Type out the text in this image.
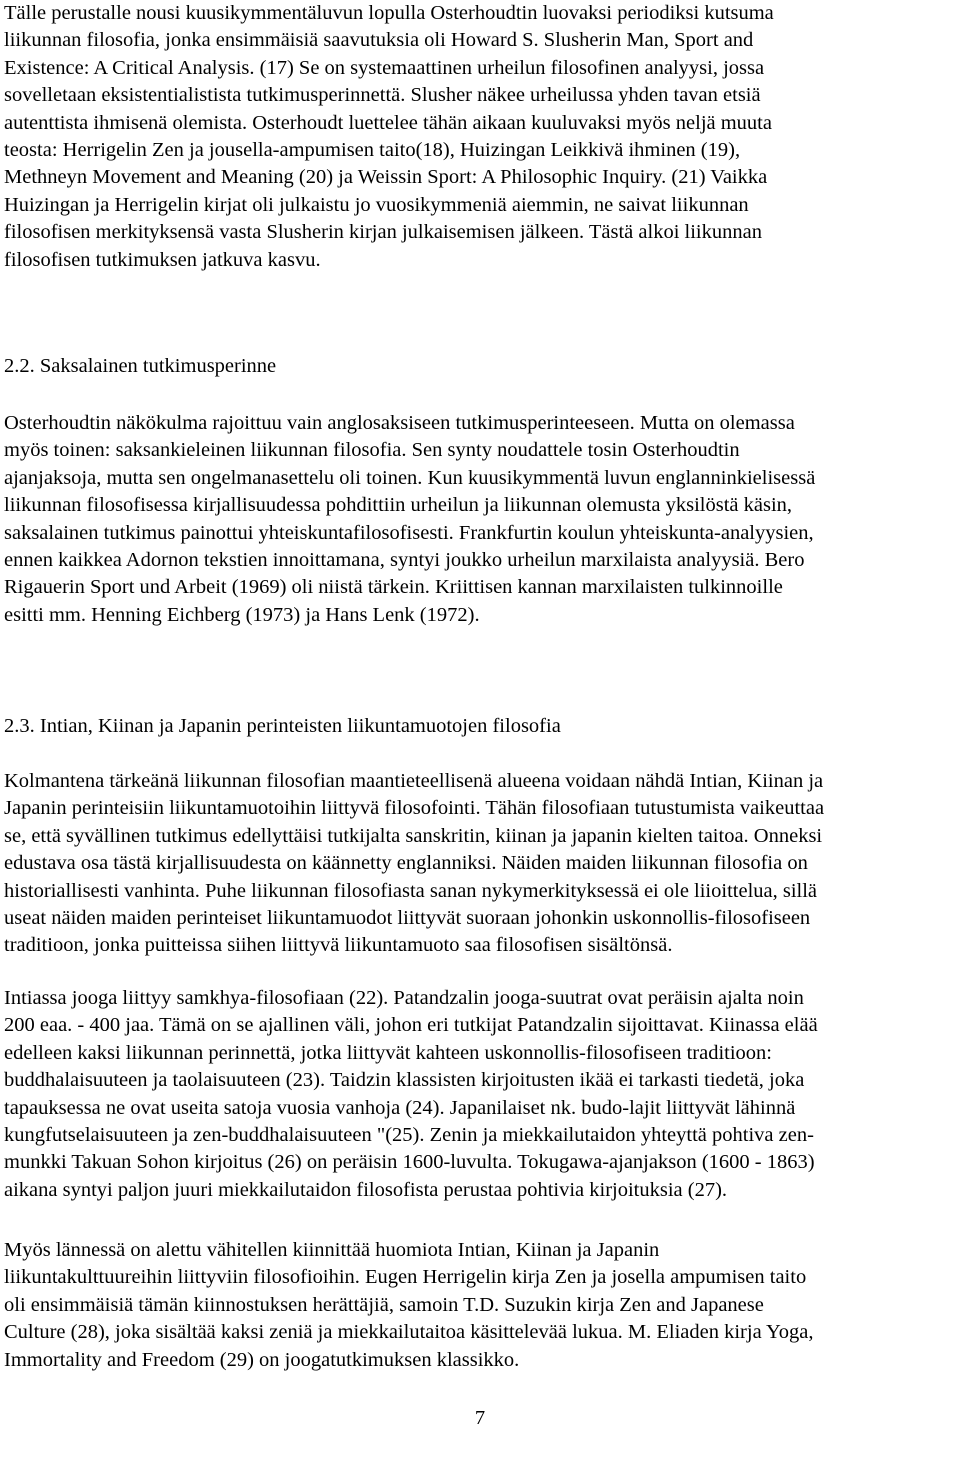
Tälle perustalle nousi kuusikymmentäluvun lopulla Osterhoudtin luovaksi periodiksi kutsuma
liikunnan filosofia, jonka ensimmäisiä saavutuksia oli Howard S. Slusherin Man, Sport and
Existence: A Critical Analysis. (17) Se on systemaattinen urheilun filosofinen analyysi, jossa
sovelletaan eksistentialistista tutkimusperinnettä. Slusher näkee urheilussa yhden tavan etsiä
autenttista ihmisenä olemista. Osterhoudt luettelee tähän aikaan kuuluvaksi myös neljä muuta
teosta: Herrigelin Zen ja jousella-ampumisen taito(18), Huizingan Leikkivä ihminen (19),
Methneyn Movement and Meaning (20) ja Weissin Sport: A Philosophic Inquiry. (21) Vaikka
Huizingan ja Herrigelin kirjat oli julkaistu jo vuosikymmeniä aiemmin, ne saivat liikunnan
filosofisen merkityksensä vasta Slusherin kirjan julkaisemisen jälkeen. Tästä alkoi liikunnan
filosofisen tutkimuksen jatkuva kasvu.
2.2. Saksalainen tutkimusperinne
Osterhoudtin näkökulma rajoittuu vain anglosaksiseen tutkimusperinteeseen. Mutta on olemassa
myös toinen: saksankieleinen liikunnan filosofia. Sen synty noudattele tosin Osterhoudtin
ajanjaksoja, mutta sen ongelmanasettelu oli toinen. Kun kuusikymmentä luvun englanninkielisessä
liikunnan filosofisessa kirjallisuudessa pohdittiin urheilun ja liikunnan olemusta yksilöstä käsin,
saksalainen tutkimus painottui yhteiskuntafilosofisesti. Frankfurtin koulun yhteiskunta-analyysien,
ennen kaikkea Adornon tekstien innoittamana, syntyi joukko urheilun marxilaista analyysiä. Bero
Rigauerin Sport und Arbeit (1969) oli niistä tärkein. Kriittisen kannan marxilaisten tulkinnoille
esitti mm. Henning Eichberg (1973) ja Hans Lenk (1972).
2.3. Intian, Kiinan ja Japanin perinteisten liikuntamuotojen filosofia
Kolmantena tärkeänä liikunnan filosofian maantieteellisenä alueena voidaan nähdä Intian, Kiinan ja
Japanin perinteisiin liikuntamuotoihin liittyvä filosofointi. Tähän filosofiaan tutustumista vaikeuttaa
se, että syvällinen tutkimus edellyttäisi tutkijalta sanskritin, kiinan ja japanin kielten taitoa. Onneksi
edustava osa tästä kirjallisuudesta on käännetty englanniksi. Näiden maiden liikunnan filosofia on
historiallisesti vanhinta. Puhe liikunnan filosofiasta sanan nykymerkityksessä ei ole liioittelua, sillä
useat näiden maiden perinteiset liikuntamuodot liittyvät suoraan johonkin uskonnollis-filosofiseen
traditioon, jonka puitteissa siihen liittyvä liikuntamuoto saa filosofisen sisältönsä.
Intiassa jooga liittyy samkhya-filosofiaan (22). Patandzalin jooga-suutrat ovat peräisin ajalta noin
200 eaa. - 400 jaa. Tämä on se ajallinen väli, johon eri tutkijat Patandzalin sijoittavat. Kiinassa elää
edelleen kaksi liikunnan perinnettä, jotka liittyvät kahteen uskonnollis-filosofiseen traditioon:
buddhalaisuuteen ja taolaisuuteen (23). Taidzin klassisten kirjoitusten ikää ei tarkasti tiedetä, joka
tapauksessa ne ovat useita satoja vuosia vanhoja (24). Japanilaiset nk. budo-lajit liittyvät lähinnä
kungfutselaisuuteen ja zen-buddhalaisuuteen "(25). Zenin ja miekkailutaidon yhteyttä pohtiva zen-
munkki Takuan Sohon kirjoitus (26) on peräisin 1600-luvulta. Tokugawa-ajanjakson (1600 - 1863)
aikana syntyi paljon juuri miekkailutaidon filosofista perustaa pohtivia kirjoituksia (27).
Myös lännessä on alettu vähitellen kiinnittää huomiota Intian, Kiinan ja Japanin
liikuntakulttuureihin liittyviin filosofioihin. Eugen Herrigelin kirja Zen ja josella ampumisen taito
oli ensimmäisiä tämän kiinnostuksen herättäjiä, samoin T.D. Suzukin kirja Zen and Japanese
Culture (28), joka sisältää kaksi zeniä ja miekkailutaitoa käsittelevää lukua. M. Eliaden kirja Yoga,
Immortality and Freedom (29) on joogatutkimuksen klassikko.
7
